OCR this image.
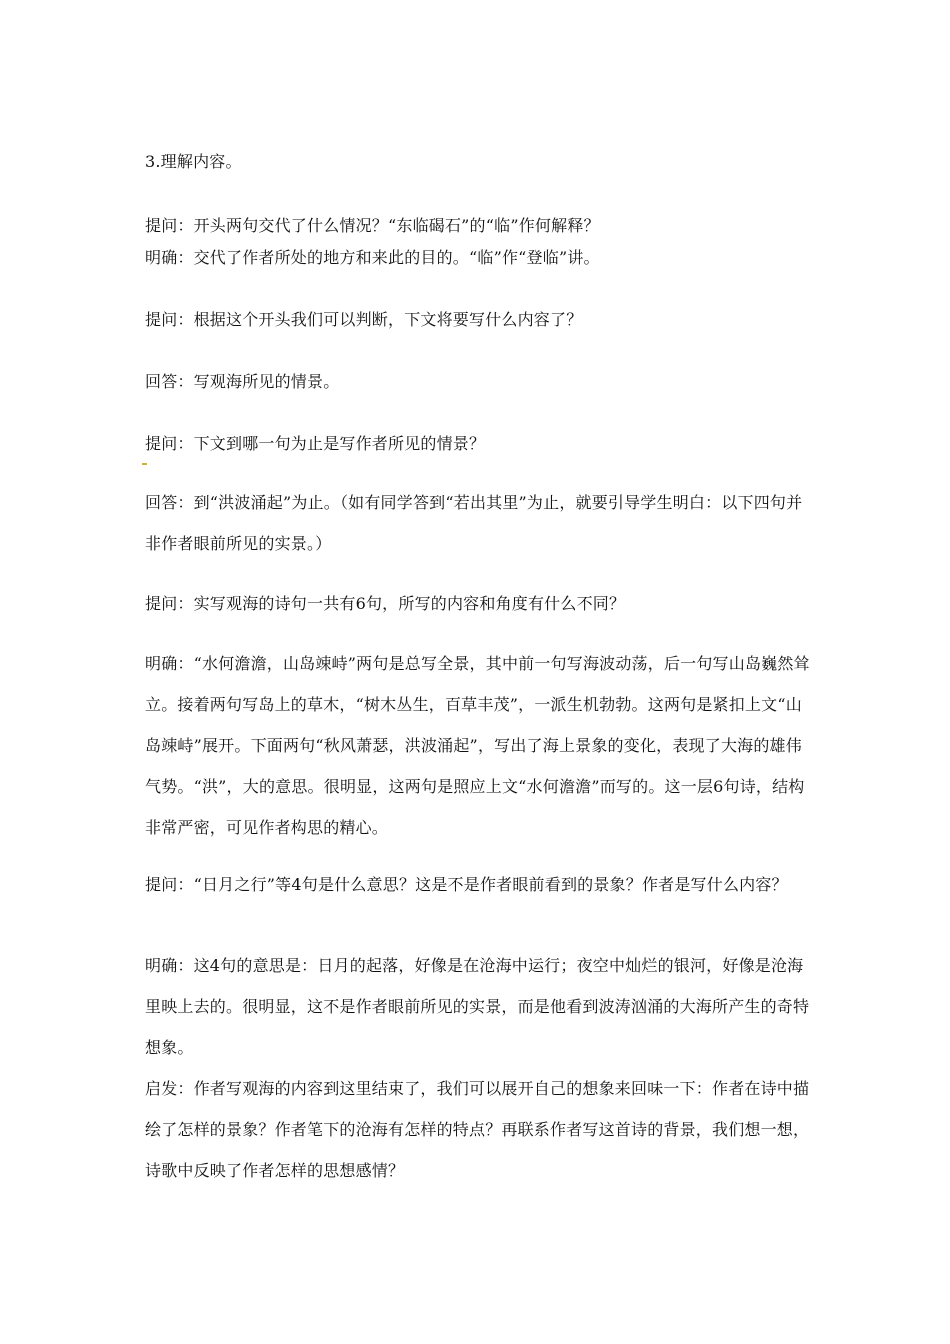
3.理解内容。

提问：开头两句交代了什么情况？“东临碣石”的“临”作何解释？

明确：交代了作者所处的地方和来此的目的。“临”作“登临”讲。

提问：根据这个开头我们可以判断，下文将要写什么内容了？

回答：写观海所见的情景。

提问：下文到哪一句为止是写作者所见的情景？

回答：到“洪波涌起”为止。（如有同学答到“若出其里”为止，就要引导学生明白：以下四句并非作者眼前所见的实景。）

提问：实写观海的诗句一共有6句，所写的内容和角度有什么不同？

明确：“水何澹澹，山岛竦峙”两句是总写全景，其中前一句写海波动荡，后一句写山岛巍然耸立。接着两句写岛上的草木，“树木丛生，百草丰茂”，一派生机勃勃。这两句是紧扣上文“山岛竦峙”展开。下面两句“秋风萧瑟，洪波涌起”，写出了海上景象的变化，表现了大海的雄伟气势。“洪”，大的意思。很明显，这两句是照应上文“水何澹澹”而写的。这一层6句诗，结构非常严密，可见作者构思的精心。

提问：“日月之行”等4句是什么意思？这是不是作者眼前看到的景象？作者是写什么内容？

明确：这4句的意思是：日月的起落，好像是在沧海中运行；夜空中灿烂的银河，好像是沧海里映上去的。很明显，这不是作者眼前所见的实景，而是他看到波涛汹涌的大海所产生的奇特想象。

启发：作者写观海的内容到这里结束了，我们可以展开自己的想象来回味一下：作者在诗中描绘了怎样的景象？作者笔下的沧海有怎样的特点？再联系作者写这首诗的背景，我们想一想，诗歌中反映了作者怎样的思想感情？
